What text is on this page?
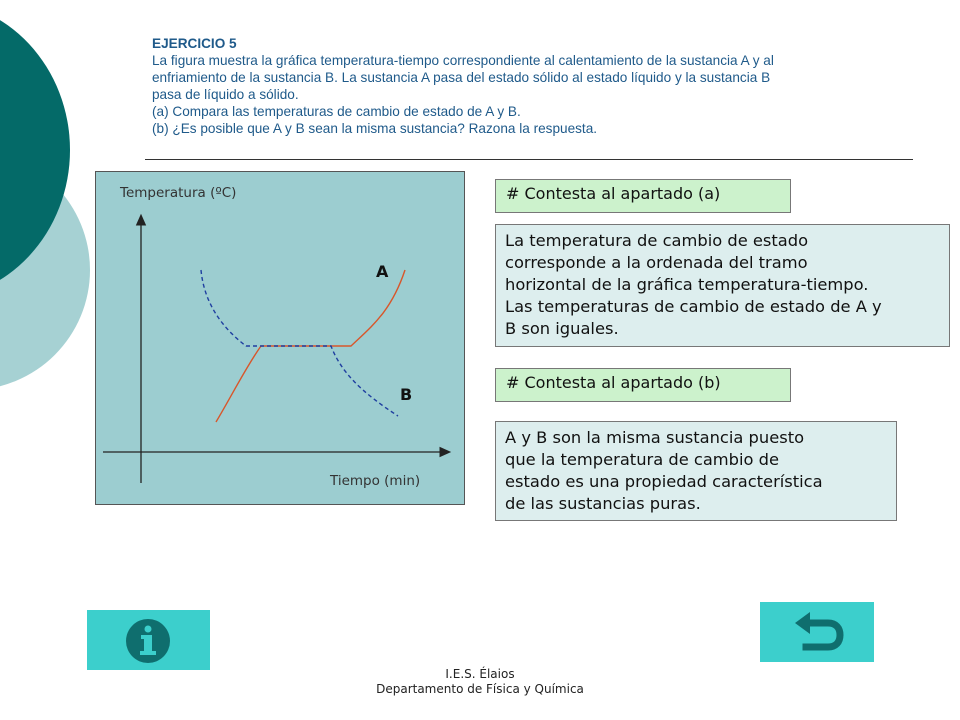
EJERCICIO 5
La figura muestra la gráfica temperatura-tiempo correspondiente al calentamiento de la sustancia A y al
enfriamiento de la sustancia B. La sustancia A pasa del estado sólido al estado líquido y la sustancia B
pasa de líquido a sólido.
(a) Compara las temperaturas de cambio de estado de A y B.
(b) ¿Es posible que A y B sean la misma sustancia? Razona la respuesta.
Temperatura (ºC)
Tiempo (min)
A
B
# Contesta al apartado (a)
La temperatura de cambio de estado
corresponde a la ordenada del tramo
horizontal de la gráfica temperatura-tiempo.
Las temperaturas de cambio de estado de A y
B son iguales.
# Contesta al apartado (b)
A y B son la misma sustancia puesto
que la temperatura de cambio de
estado es una propiedad característica
de las sustancias puras.
I.E.S. Élaios
Departamento de Física y Química
